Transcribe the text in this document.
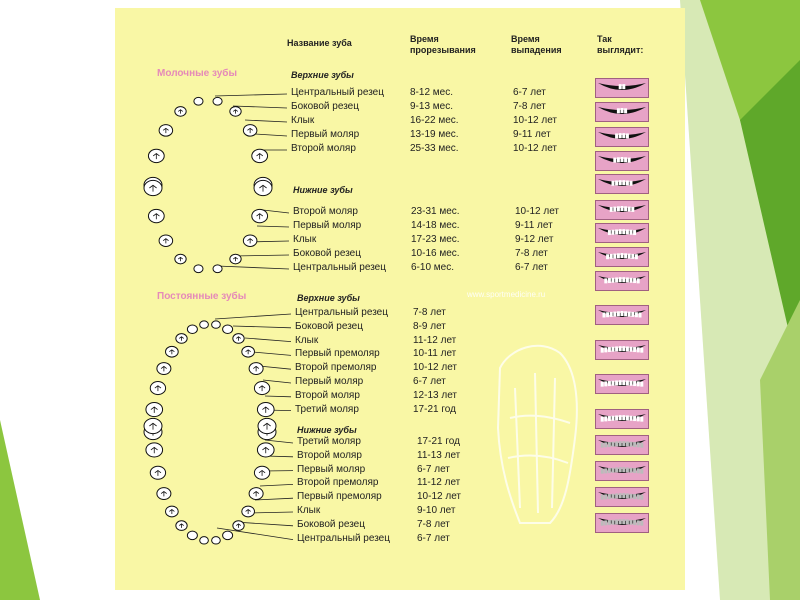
Название зуба	Время
прорезывания
Время
выпадения
Так
выглядит:
Молочные зубы	Верхние зубы
Центральный резец	8-12 мес.	6-7 лет
Боковой резец	9-13 мес.	7-8 лет
Клык	16-22 мес.	10-12 лет
Первый моляр	13-19 мес.	9-11 лет
Второй моляр	25-33 мес.	10-12 лет
Нижние зубы
Второй моляр	23-31 мес.	10-12 лет
Первый моляр	14-18 мес.	9-11 лет
Клык	17-23 мес.	9-12 лет
Боковой резец	10-16 мес.	7-8 лет
Центральный резец	6-10 мес.	6-7 лет
Постоянные зубы	Верхние зубы	www.sportmedicine.ru
Центральный резец	7-8 лет
Боковой резец	8-9 лет
Клык	11-12 лет
Первый премоляр	10-11 лет
Второй премоляр	10-12 лет
Первый моляр	6-7 лет
Второй моляр	12-13 лет
Третий моляр	17-21 год
Нижние зубы
Третий моляр	17-21 год
Второй моляр	11-13 лет
Первый моляр	6-7 лет
Второй премоляр	11-12 лет
Первый премоляр	10-12 лет
Клык	9-10 лет
Боковой резец	7-8 лет
Центральный резец	6-7 лет
